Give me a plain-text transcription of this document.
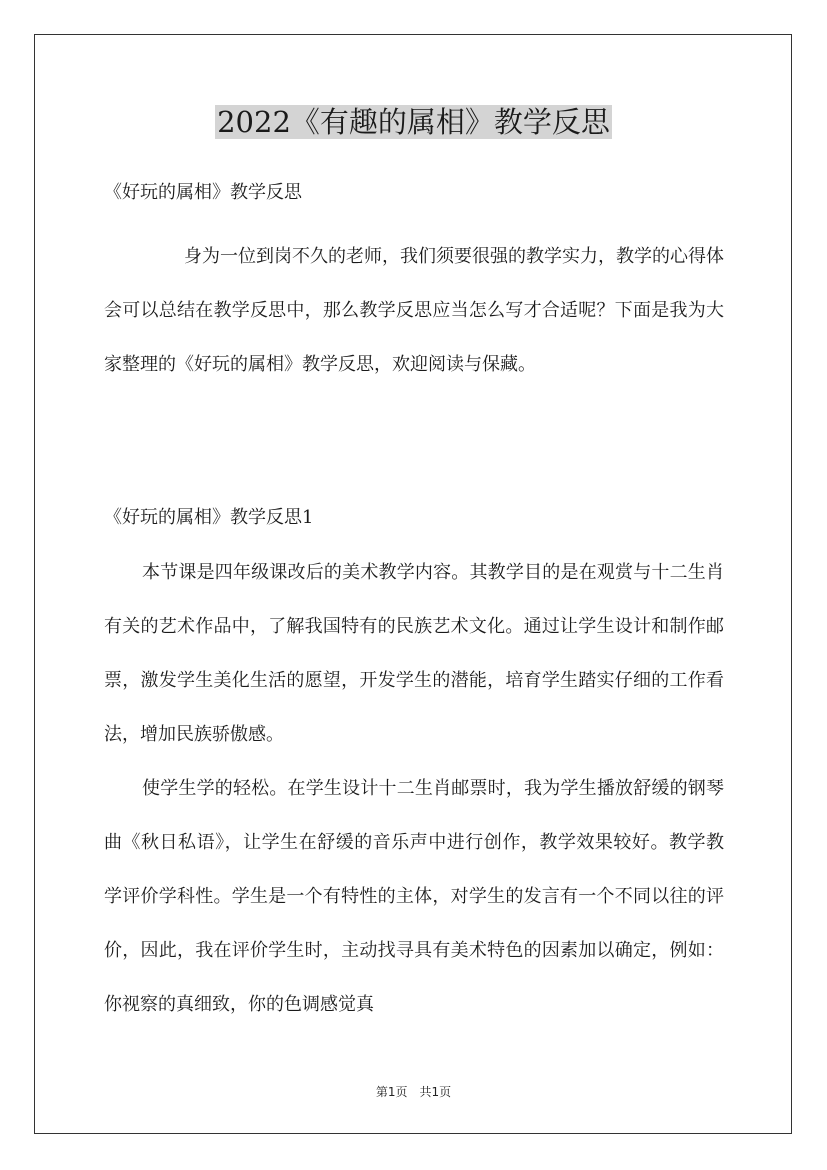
2022《有趣的属相》教学反思

《好玩的属相》教学反思

身为一位到岗不久的老师，我们须要很强的教学实力，教学的心得体会可以总结在教学反思中，那么教学反思应当怎么写才合适呢？下面是我为大家整理的《好玩的属相》教学反思，欢迎阅读与保藏。

《好玩的属相》教学反思1

本节课是四年级课改后的美术教学内容。其教学目的是在观赏与十二生肖有关的艺术作品中，了解我国特有的民族艺术文化。通过让学生设计和制作邮票，激发学生美化生活的愿望，开发学生的潜能，培育学生踏实仔细的工作看法，增加民族骄傲感。

使学生学的轻松。在学生设计十二生肖邮票时，我为学生播放舒缓的钢琴曲《秋日私语》，让学生在舒缓的音乐声中进行创作，教学效果较好。教学教学评价学科性。学生是一个有特性的主体，对学生的发言有一个不同以往的评价，因此，我在评价学生时，主动找寻具有美术特色的因素加以确定，例如：你视察的真细致，你的色调感觉真

第1页 共1页
